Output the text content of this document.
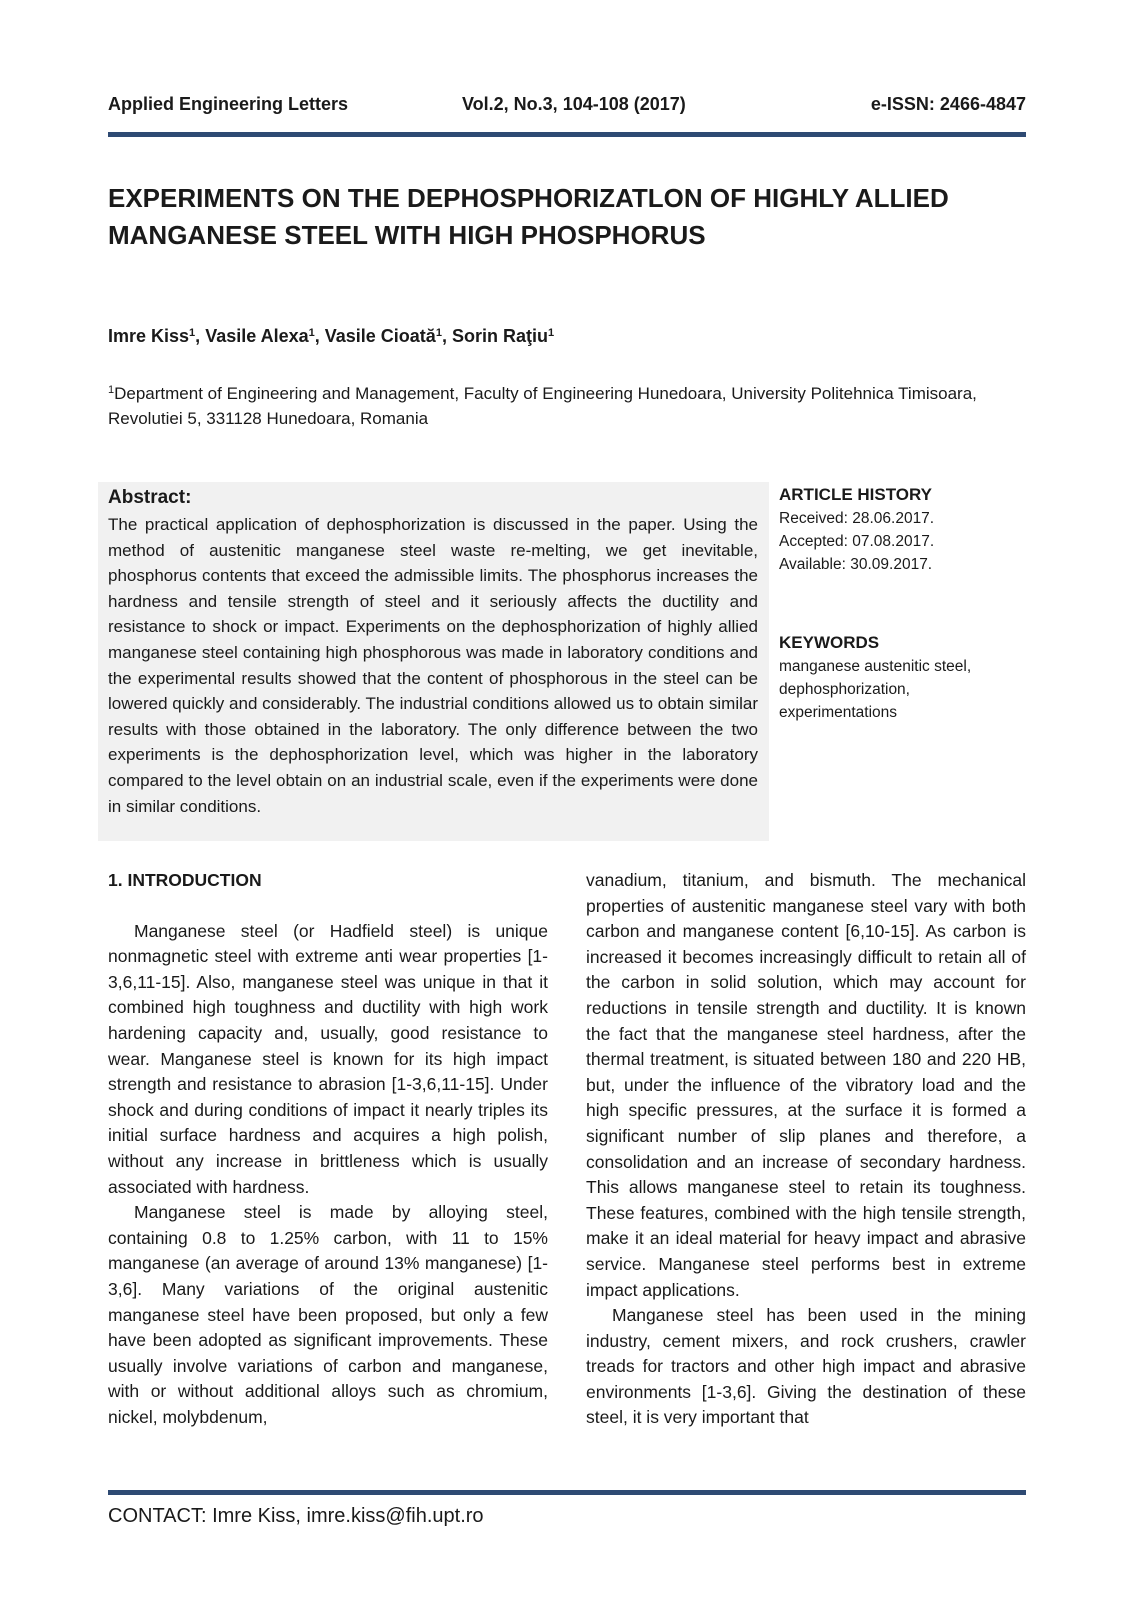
Applied Engineering Letters	Vol.2, No.3, 104-108 (2017)	e-ISSN: 2466-4847
EXPERIMENTS ON THE DEPHOSPHORIZATLON OF HIGHLY ALLIED
MANGANESE STEEL WITH HIGH PHOSPHORUS
Imre Kiss$^1$, Vasile Alexa$^1$, Vasile Cioată$^1$, Sorin Raţiu$^1$
$^1$Department of Engineering and Management, Faculty of Engineering Hunedoara, University Politehnica Timisoara, Revolutiei 5, 331128 Hunedoara, Romania
Abstract:
The practical application of dephosphorization is discussed in the paper. Using the method of austenitic manganese steel waste re-melting, we get inevitable, phosphorus contents that exceed the admissible limits. The phosphorus increases the hardness and tensile strength of steel and it seriously affects the ductility and resistance to shock or impact. Experiments on the dephosphorization of highly allied manganese steel containing high phosphorous was made in laboratory conditions and the experimental results showed that the content of phosphorous in the steel can be lowered quickly and considerably. The industrial conditions allowed us to obtain similar results with those obtained in the laboratory. The only difference between the two experiments is the dephosphorization level, which was higher in the laboratory compared to the level obtain on an industrial scale, even if the experiments were done in similar conditions.
ARTICLE HISTORY
Received: 28.06.2017.
Accepted: 07.08.2017.
Available: 30.09.2017.
KEYWORDS
manganese austenitic steel, dephosphorization, experimentations

1. INTRODUCTION

Manganese steel (or Hadfield steel) is unique nonmagnetic steel with extreme anti wear properties [1-3,6,11-15]. Also, manganese steel was unique in that it combined high toughness and ductility with high work hardening capacity and, usually, good resistance to wear. Manganese steel is known for its high impact strength and resistance to abrasion [1-3,6,11-15]. Under shock and during conditions of impact it nearly triples its initial surface hardness and acquires a high polish, without any increase in brittleness which is usually associated with hardness.

Manganese steel is made by alloying steel, containing 0.8 to 1.25% carbon, with 11 to 15% manganese (an average of around 13% manganese) [1-3,6]. Many variations of the original austenitic manganese steel have been proposed, but only a few have been adopted as significant improvements. These usually involve variations of carbon and manganese, with or without additional alloys such as chromium, nickel, molybdenum,

vanadium, titanium, and bismuth. The mechanical properties of austenitic manganese steel vary with both carbon and manganese content [6,10-15]. As carbon is increased it becomes increasingly difficult to retain all of the carbon in solid solution, which may account for reductions in tensile strength and ductility. It is known the fact that the manganese steel hardness, after the thermal treatment, is situated between 180 and 220 HB, but, under the influence of the vibratory load and the high specific pressures, at the surface it is formed a significant number of slip planes and therefore, a consolidation and an increase of secondary hardness. This allows manganese steel to retain its toughness. These features, combined with the high tensile strength, make it an ideal material for heavy impact and abrasive service. Manganese steel performs best in extreme impact applications.

Manganese steel has been used in the mining industry, cement mixers, and rock crushers, crawler treads for tractors and other high impact and abrasive environments [1-3,6]. Giving the destination of these steel, it is very important that

CONTACT: Imre Kiss, imre.kiss@fih.upt.ro
